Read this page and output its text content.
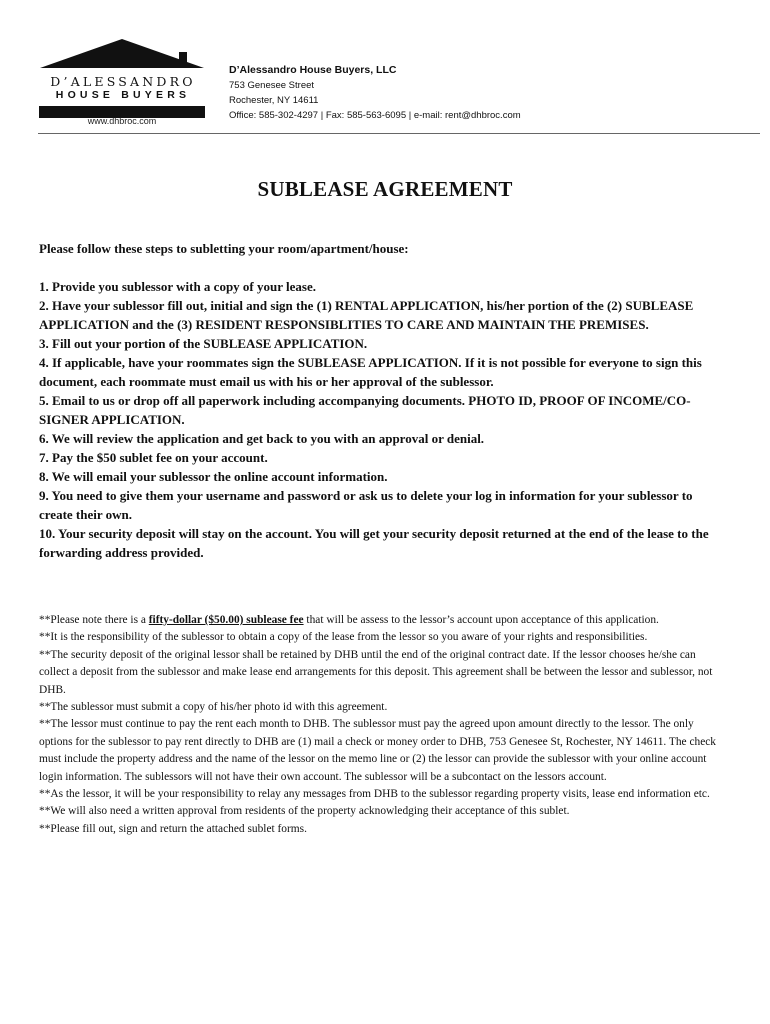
D’ALESSANDRO
HOUSE BUYERS
www.dhbroc.com
D’Alessandro House Buyers, LLC
753 Genesee Street
Rochester, NY 14611
Office: 585-302-4297 | Fax: 585-563-6095 | e-mail: rent@dhbroc.com
SUBLEASE AGREEMENT

Please follow these steps to subletting your room/apartment/house:

1. Provide you sublessor with a copy of your lease.

2. Have your sublessor fill out, initial and sign the (1) RENTAL APPLICATION, his/her portion of the (2) SUBLEASE APPLICATION and the (3) RESIDENT RESPONSIBLITIES TO CARE AND MAINTAIN THE PREMISES.

3. Fill out your portion of the SUBLEASE APPLICATION.

4. If applicable, have your roommates sign the SUBLEASE APPLICATION. If it is not possible for everyone to sign this document, each roommate must email us with his or her approval of the sublessor.

5. Email to us or drop off all paperwork including accompanying documents. PHOTO ID, PROOF OF INCOME/CO-SIGNER APPLICATION.

6. We will review the application and get back to you with an approval or denial.

7. Pay the $50 sublet fee on your account.

8. We will email your sublessor the online account information.

9. You need to give them your username and password or ask us to delete your log in information for your sublessor to create their own.

10. Your security deposit will stay on the account. You will get your security deposit returned at the end of the lease to the forwarding address provided.

**Please note there is a fifty-dollar ($50.00) sublease fee that will be assess to the lessor’s account upon acceptance of this application.

**It is the responsibility of the sublessor to obtain a copy of the lease from the lessor so you aware of your rights and responsibilities.

**The security deposit of the original lessor shall be retained by DHB until the end of the original contract date. If the lessor chooses he/she can collect a deposit from the sublessor and make lease end arrangements for this deposit. This agreement shall be between the lessor and sublessor, not DHB.

**The sublessor must submit a copy of his/her photo id with this agreement.

**The lessor must continue to pay the rent each month to DHB. The sublessor must pay the agreed upon amount directly to the lessor. The only options for the sublessor to pay rent directly to DHB are (1) mail a check or money order to DHB, 753 Genesee St, Rochester, NY 14611. The check must include the property address and the name of the lessor on the memo line or (2) the lessor can provide the sublessor with your online account login information. The sublessors will not have their own account. The sublessor will be a subcontact on the lessors account.

**As the lessor, it will be your responsibility to relay any messages from DHB to the sublessor regarding property visits, lease end information etc.

**We will also need a written approval from residents of the property acknowledging their acceptance of this sublet.

**Please fill out, sign and return the attached sublet forms.
